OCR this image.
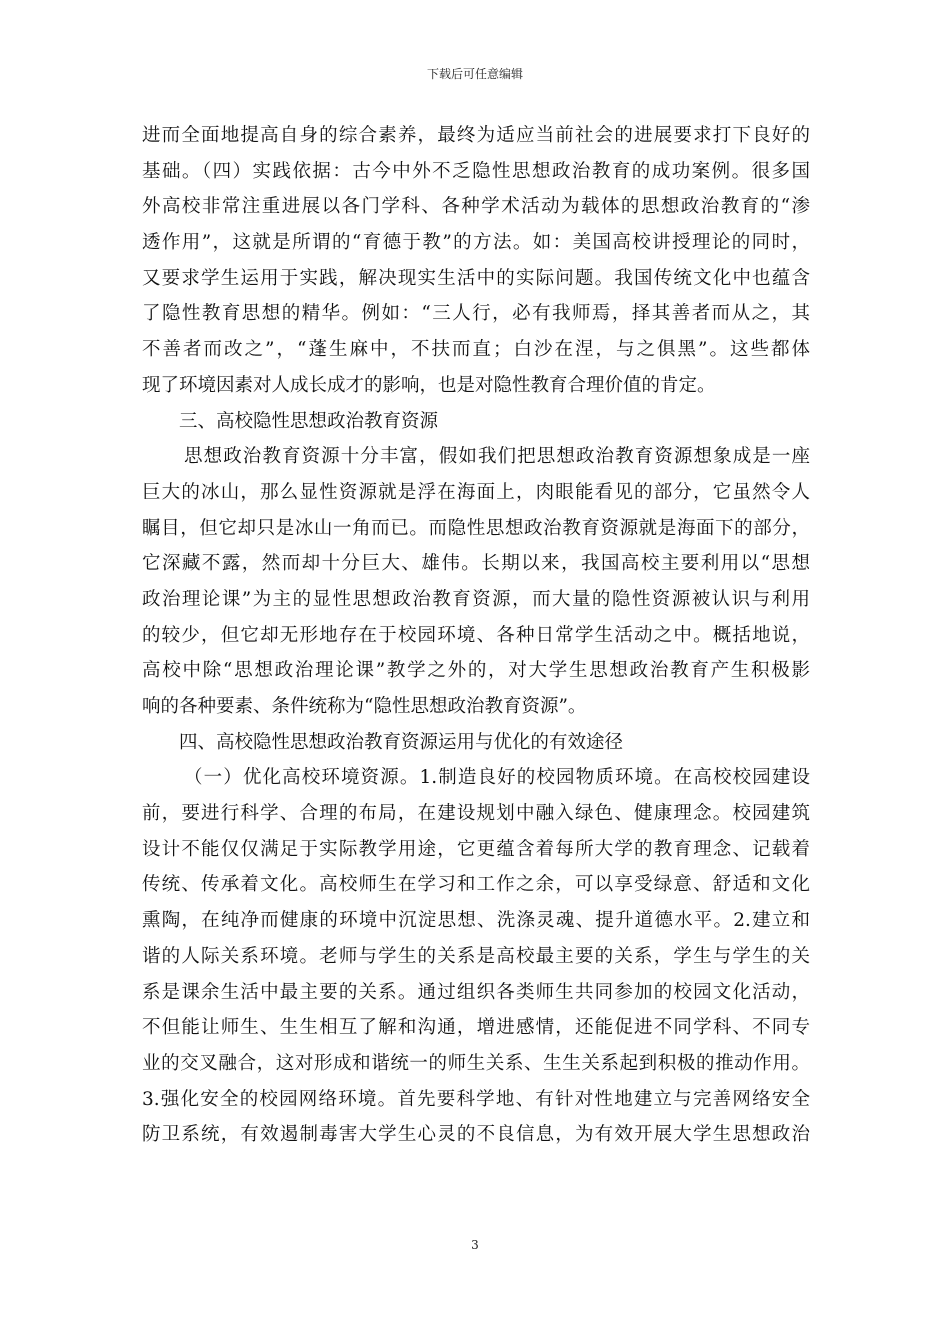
下载后可任意编辑
进而全面地提高自身的综合素养，最终为适应当前社会的进展要求打下良好的
基础。（四）实践依据：古今中外不乏隐性思想政治教育的成功案例。很多国
外高校非常注重进展以各门学科、各种学术活动为载体的思想政治教育的“渗
透作用”，这就是所谓的“育德于教”的方法。如：美国高校讲授理论的同时，
又要求学生运用于实践，解决现实生活中的实际问题。我国传统文化中也蕴含
了隐性教育思想的精华。例如：“三人行，必有我师焉，择其善者而从之，其
不善者而改之”，“蓬生麻中，不扶而直；白沙在涅，与之俱黑”。这些都体
现了环境因素对人成长成才的影响，也是对隐性教育合理价值的肯定。
三、高校隐性思想政治教育资源
思想政治教育资源十分丰富，假如我们把思想政治教育资源想象成是一座
巨大的冰山，那么显性资源就是浮在海面上，肉眼能看见的部分，它虽然令人
瞩目，但它却只是冰山一角而已。而隐性思想政治教育资源就是海面下的部分，
它深藏不露，然而却十分巨大、雄伟。长期以来，我国高校主要利用以“思想
政治理论课”为主的显性思想政治教育资源，而大量的隐性资源被认识与利用
的较少，但它却无形地存在于校园环境、各种日常学生活动之中。概括地说，
高校中除“思想政治理论课”教学之外的，对大学生思想政治教育产生积极影
响的各种要素、条件统称为“隐性思想政治教育资源”。
四、高校隐性思想政治教育资源运用与优化的有效途径
（一）优化高校环境资源。1.制造良好的校园物质环境。在高校校园建设
前，要进行科学、合理的布局，在建设规划中融入绿色、健康理念。校园建筑
设计不能仅仅满足于实际教学用途，它更蕴含着每所大学的教育理念、记载着
传统、传承着文化。高校师生在学习和工作之余，可以享受绿意、舒适和文化
熏陶，在纯净而健康的环境中沉淀思想、洗涤灵魂、提升道德水平。2.建立和
谐的人际关系环境。老师与学生的关系是高校最主要的关系，学生与学生的关
系是课余生活中最主要的关系。通过组织各类师生共同参加的校园文化活动，
不但能让师生、生生相互了解和沟通，增进感情，还能促进不同学科、不同专
业的交叉融合，这对形成和谐统一的师生关系、生生关系起到积极的推动作用。
3.强化安全的校园网络环境。首先要科学地、有针对性地建立与完善网络安全
防卫系统，有效遏制毒害大学生心灵的不良信息，为有效开展大学生思想政治
3
